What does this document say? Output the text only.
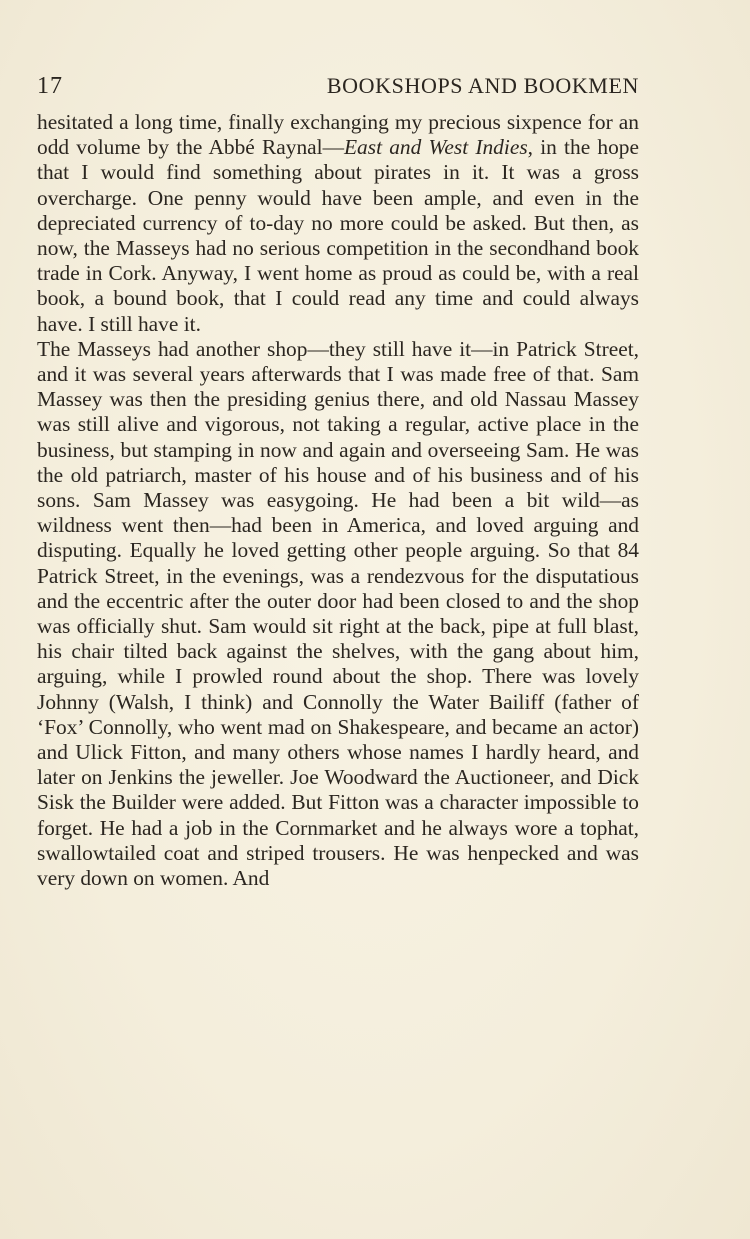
17	BOOKSHOPS AND BOOKMEN

hesitated a long time, finally exchanging my precious sixpence for an odd volume by the Abbé Raynal—East and West Indies, in the hope that I would find something about pirates in it. It was a gross overcharge. One penny would have been ample, and even in the depreciated currency of to-day no more could be asked. But then, as now, the Masseys had no serious competition in the secondhand book trade in Cork. Anyway, I went home as proud as could be, with a real book, a bound book, that I could read any time and could always have. I still have it.

The Masseys had another shop—they still have it—in Patrick Street, and it was several years afterwards that I was made free of that. Sam Massey was then the presiding genius there, and old Nassau Massey was still alive and vigorous, not taking a regular, active place in the business, but stamping in now and again and overseeing Sam. He was the old patriarch, master of his house and of his business and of his sons. Sam Massey was easygoing. He had been a bit wild—as wildness went then—had been in America, and loved arguing and disputing. Equally he loved getting other people arguing. So that 84 Patrick Street, in the evenings, was a rendezvous for the disputatious and the eccentric after the outer door had been closed to and the shop was officially shut. Sam would sit right at the back, pipe at full blast, his chair tilted back against the shelves, with the gang about him, arguing, while I prowled round about the shop. There was lovely Johnny (Walsh, I think) and Connolly the Water Bailiff (father of ‘Fox’ Connolly, who went mad on Shakespeare, and became an actor) and Ulick Fitton, and many others whose names I hardly heard, and later on Jenkins the jeweller. Joe Woodward the Auctioneer, and Dick Sisk the Builder were added. But Fitton was a character impossible to forget. He had a job in the Cornmarket and he always wore a tophat, swallowtailed coat and striped trousers. He was henpecked and was very down on women. And
